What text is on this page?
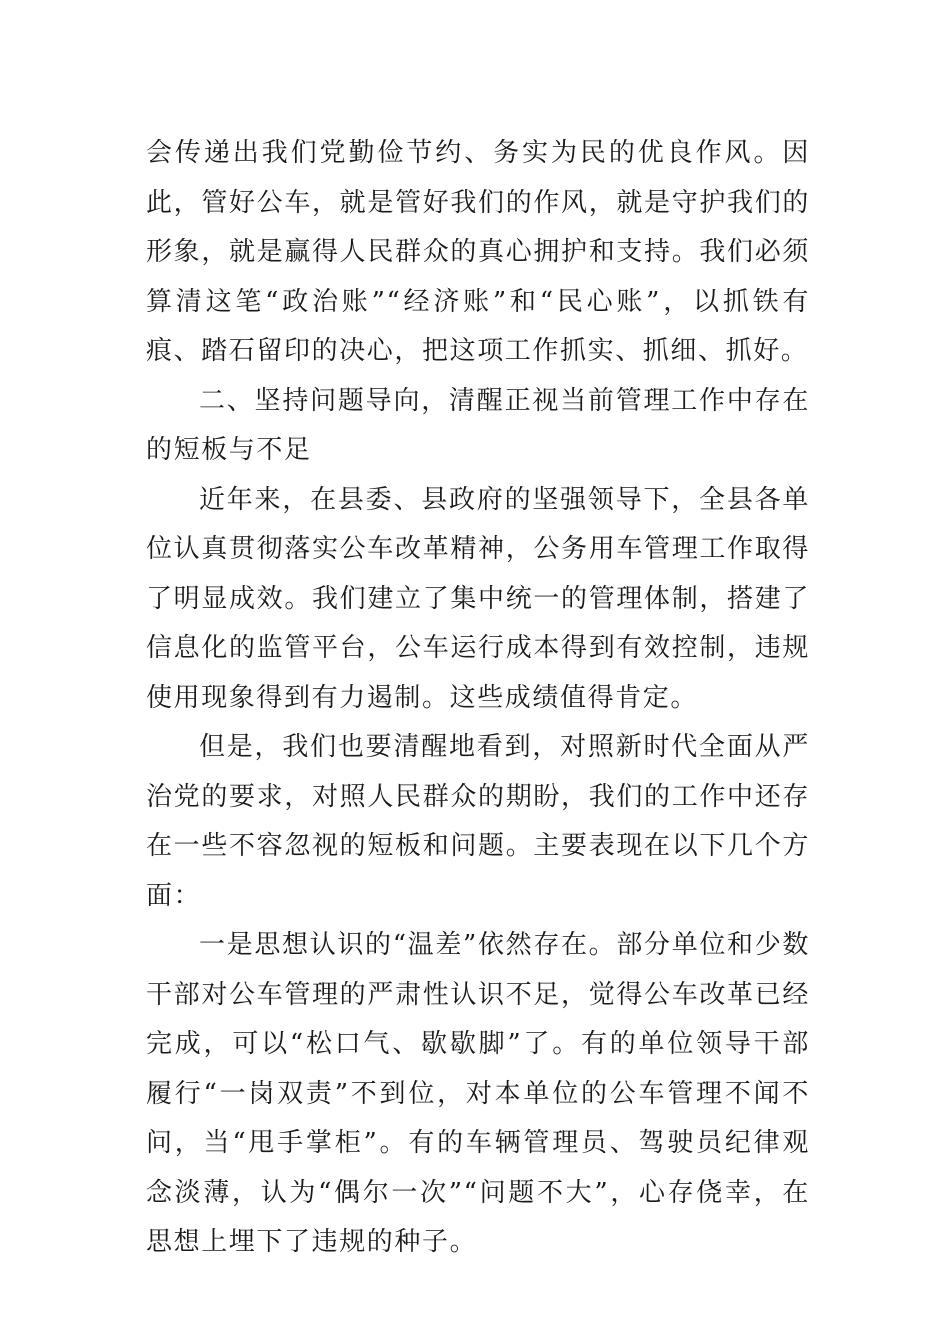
会传递出我们党勤俭节约、务实为民的优良作风。因此，管好公车，就是管好我们的作风，就是守护我们的形象，就是赢得人民群众的真心拥护和支持。我们必须算清这笔“政治账”“经济账”和“民心账”，以抓铁有痕、踏石留印的决心，把这项工作抓实、抓细、抓好。

二、坚持问题导向，清醒正视当前管理工作中存在的短板与不足

近年来，在县委、县政府的坚强领导下，全县各单位认真贯彻落实公车改革精神，公务用车管理工作取得了明显成效。我们建立了集中统一的管理体制，搭建了信息化的监管平台，公车运行成本得到有效控制，违规使用现象得到有力遏制。这些成绩值得肯定。

但是，我们也要清醒地看到，对照新时代全面从严治党的要求，对照人民群众的期盼，我们的工作中还存在一些不容忽视的短板和问题。主要表现在以下几个方面：

一是思想认识的“温差”依然存在。部分单位和少数干部对公车管理的严肃性认识不足，觉得公车改革已经完成，可以“松口气、歇歇脚”了。有的单位领导干部履行“一岗双责”不到位，对本单位的公车管理不闻不问，当“甩手掌柜”。有的车辆管理员、驾驶员纪律观念淡薄，认为“偶尔一次”“问题不大”，心存侥幸，在思想上埋下了违规的种子。
